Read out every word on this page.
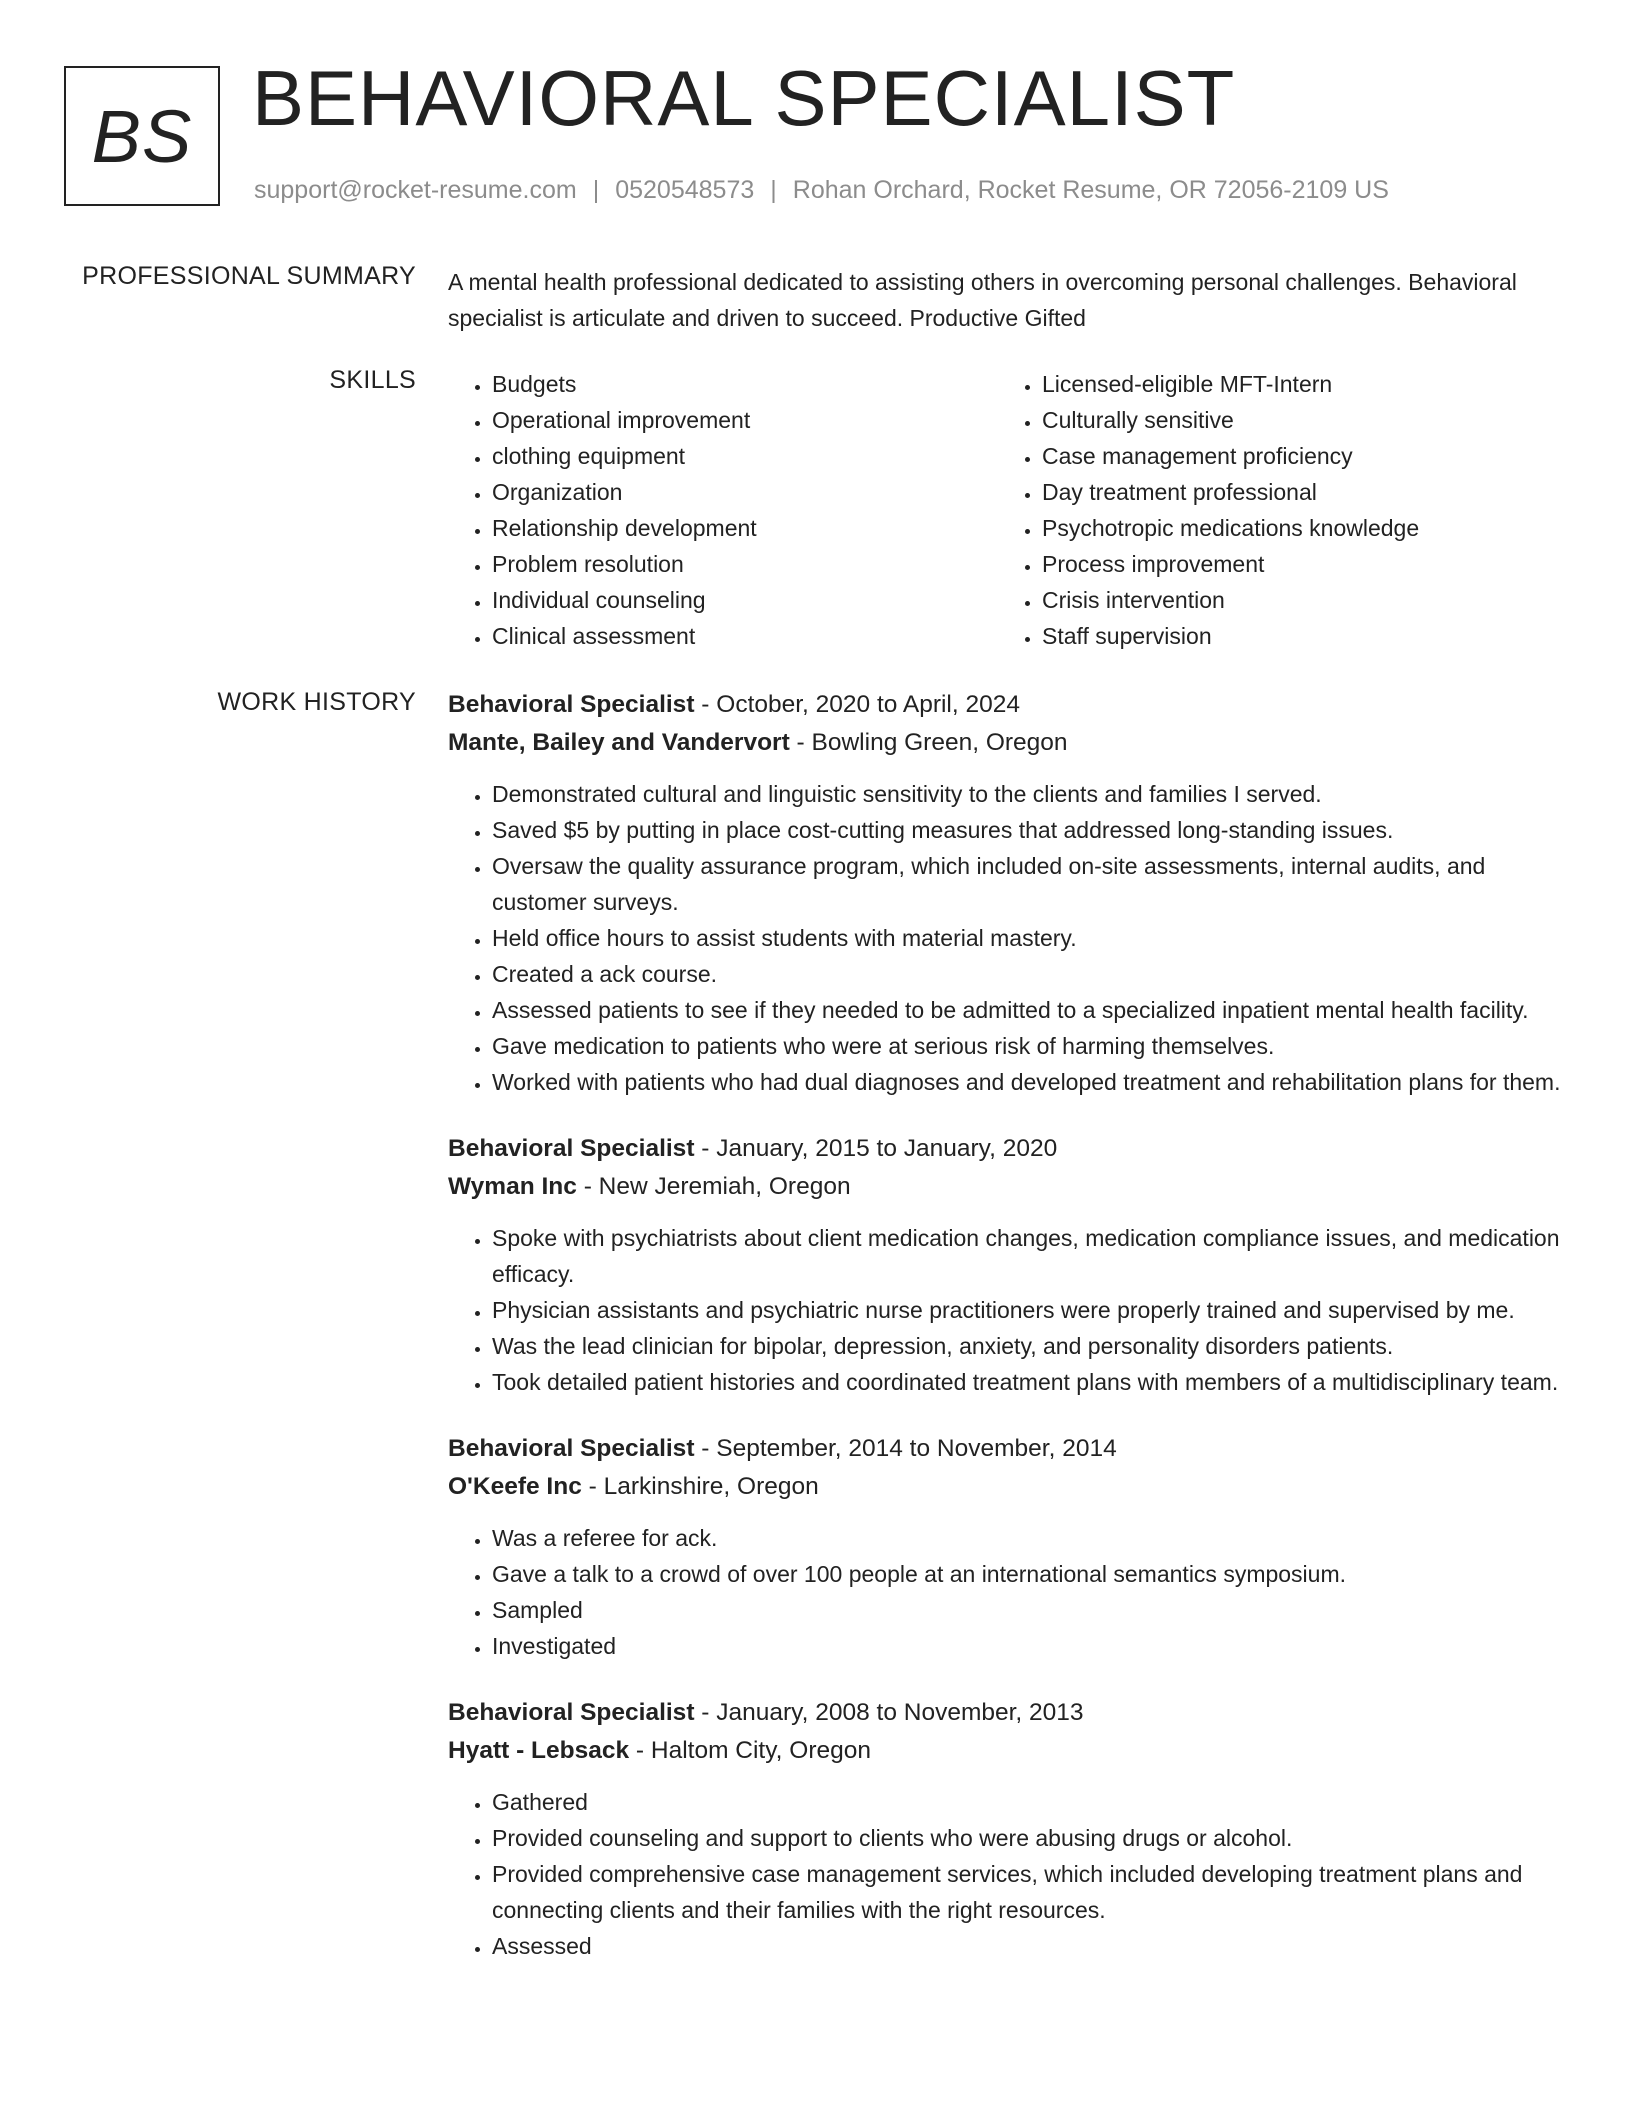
BS BEHAVIORAL SPECIALIST
support@rocket-resume.com | 0520548573 | Rohan Orchard, Rocket Resume, OR 72056-2109 US
PROFESSIONAL SUMMARY A mental health professional dedicated to assisting others in overcoming personal challenges. Behavioral specialist is articulate and driven to succeed. Productive Gifted

SKILLS
•	Budgets
• Operational improvement
• clothing equipment
• Organization
• Relationship development
• Problem resolution
• Individual counseling
• Clinical assessment
• Licensed-eligible MFT-Intern
• Culturally sensitive
• Case management proficiency
• Day treatment professional
• Psychotropic medications knowledge
• Process improvement
• Crisis intervention
• Staff supervision
WORK HISTORY Behavioral Specialist - October, 2020 to April, 2024
Mante, Bailey and Vandervort - Bowling Green, Oregon
• Demonstrated cultural and linguistic sensitivity to the clients and families I served.
• Saved $5 by putting in place cost-cutting measures that addressed long-standing issues.
• Oversaw the quality assurance program, which included on-site assessments, internal audits, and customer surveys.
• Held office hours to assist students with material mastery.
• Created a ack course.
• Assessed patients to see if they needed to be admitted to a specialized inpatient mental health facility.
• Gave medication to patients who were at serious risk of harming themselves.
• Worked with patients who had dual diagnoses and developed treatment and rehabilitation plans for them.
Behavioral Specialist - January, 2015 to January, 2020
Wyman Inc - New Jeremiah, Oregon
• Spoke with psychiatrists about client medication changes, medication compliance issues, and medication efficacy.
• Physician assistants and psychiatric nurse practitioners were properly trained and supervised by me.
• Was the lead clinician for bipolar, depression, anxiety, and personality disorders patients.
• Took detailed patient histories and coordinated treatment plans with members of a multidisciplinary team.
Behavioral Specialist - September, 2014 to November, 2014
O'Keefe Inc - Larkinshire, Oregon
• Was a referee for ack.
• Gave a talk to a crowd of over 100 people at an international semantics symposium.
• Sampled
• Investigated
Behavioral Specialist - January, 2008 to November, 2013
Hyatt - Lebsack - Haltom City, Oregon
• Gathered
• Provided counseling and support to clients who were abusing drugs or alcohol.
• Provided comprehensive case management services, which included developing treatment plans and connecting clients and their families with the right resources.
• Assessed
